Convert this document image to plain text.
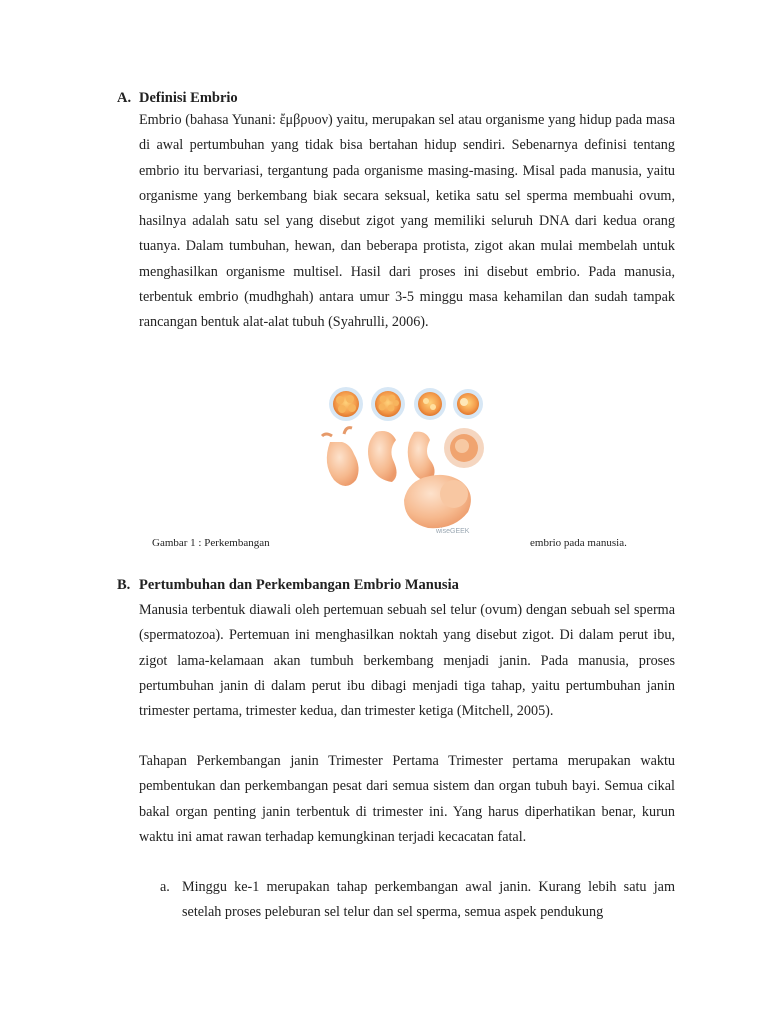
A. Definisi Embrio

Embrio (bahasa Yunani: ἔμβρυον) yaitu, merupakan sel atau organisme yang hidup pada masa di awal pertumbuhan yang tidak bisa bertahan hidup sendiri. Sebenarnya definisi tentang embrio itu bervariasi, tergantung pada organisme masing-masing. Misal pada manusia, yaitu organisme yang berkembang biak secara seksual, ketika satu sel sperma membuahi ovum, hasilnya adalah satu sel yang disebut zigot yang memiliki seluruh DNA dari kedua orang tuanya. Dalam tumbuhan, hewan, dan beberapa protista, zigot akan mulai membelah untuk menghasilkan organisme multisel. Hasil dari proses ini disebut embrio. Pada manusia, terbentuk embrio (mudhghah) antara umur 3-5 minggu masa kehamilan dan sudah tampak rancangan bentuk alat-alat tubuh (Syahrulli, 2006).

wiseGEEK
Gambar 1 : Perkembangan	embrio pada manusia.
B. Pertumbuhan dan Perkembangan Embrio Manusia

Manusia terbentuk diawali oleh pertemuan sebuah sel telur (ovum) dengan sebuah sel sperma (spermatozoa). Pertemuan ini menghasilkan noktah yang disebut zigot. Di dalam perut ibu, zigot lama-kelamaan akan tumbuh berkembang menjadi janin. Pada manusia, proses pertumbuhan janin di dalam perut ibu dibagi menjadi tiga tahap, yaitu pertumbuhan janin trimester pertama, trimester kedua, dan trimester ketiga (Mitchell, 2005).

Tahapan Perkembangan janin Trimester Pertama Trimester pertama merupakan waktu pembentukan dan perkembangan pesat dari semua sistem dan organ tubuh bayi. Semua cikal bakal organ penting janin terbentuk di trimester ini. Yang harus diperhatikan benar, kurun waktu ini amat rawan terhadap kemungkinan terjadi kecacatan fatal.

a. Minggu ke-1 merupakan tahap perkembangan awal janin. Kurang lebih satu jam setelah proses peleburan sel telur dan sel sperma, semua aspek pendukung
